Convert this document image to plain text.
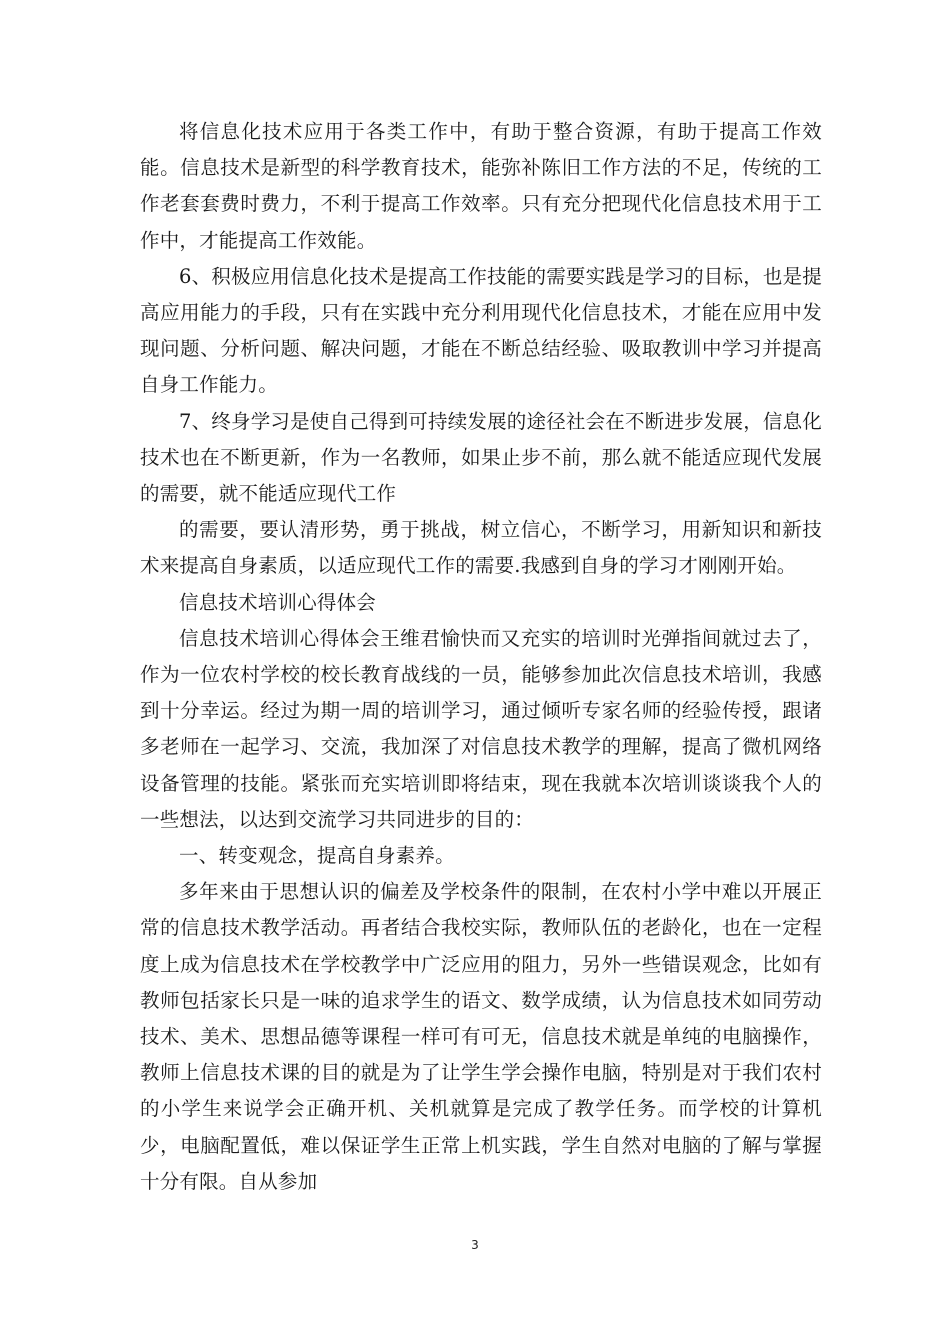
将信息化技术应用于各类工作中，有助于整合资源，有助于提高工作效能。信息技术是新型的科学教育技术，能弥补陈旧工作方法的不足，传统的工作老套套费时费力，不利于提高工作效率。只有充分把现代化信息技术用于工作中，才能提高工作效能。

6、积极应用信息化技术是提高工作技能的需要实践是学习的目标，也是提高应用能力的手段，只有在实践中充分利用现代化信息技术，才能在应用中发现问题、分析问题、解决问题，才能在不断总结经验、吸取教训中学习并提高自身工作能力。

7、终身学习是使自己得到可持续发展的途径社会在不断进步发展，信息化技术也在不断更新，作为一名教师，如果止步不前，那么就不能适应现代发展的需要，就不能适应现代工作

的需要，要认清形势，勇于挑战，树立信心，不断学习，用新知识和新技术来提高自身素质，以适应现代工作的需要.我感到自身的学习才刚刚开始。

信息技术培训心得体会

信息技术培训心得体会王维君愉快而又充实的培训时光弹指间就过去了，作为一位农村学校的校长教育战线的一员，能够参加此次信息技术培训，我感到十分幸运。经过为期一周的培训学习，通过倾听专家名师的经验传授，跟诸多老师在一起学习、交流，我加深了对信息技术教学的理解，提高了微机网络设备管理的技能。紧张而充实培训即将结束，现在我就本次培训谈谈我个人的一些想法，以达到交流学习共同进步的目的：

一、转变观念，提高自身素养。

多年来由于思想认识的偏差及学校条件的限制，在农村小学中难以开展正常的信息技术教学活动。再者结合我校实际，教师队伍的老龄化，也在一定程度上成为信息技术在学校教学中广泛应用的阻力，另外一些错误观念，比如有教师包括家长只是一味的追求学生的语文、数学成绩，认为信息技术如同劳动技术、美术、思想品德等课程一样可有可无，信息技术就是单纯的电脑操作，教师上信息技术课的目的就是为了让学生学会操作电脑，特别是对于我们农村的小学生来说学会正确开机、关机就算是完成了教学任务。而学校的计算机少，电脑配置低，难以保证学生正常上机实践，学生自然对电脑的了解与掌握十分有限。自从参加

3
